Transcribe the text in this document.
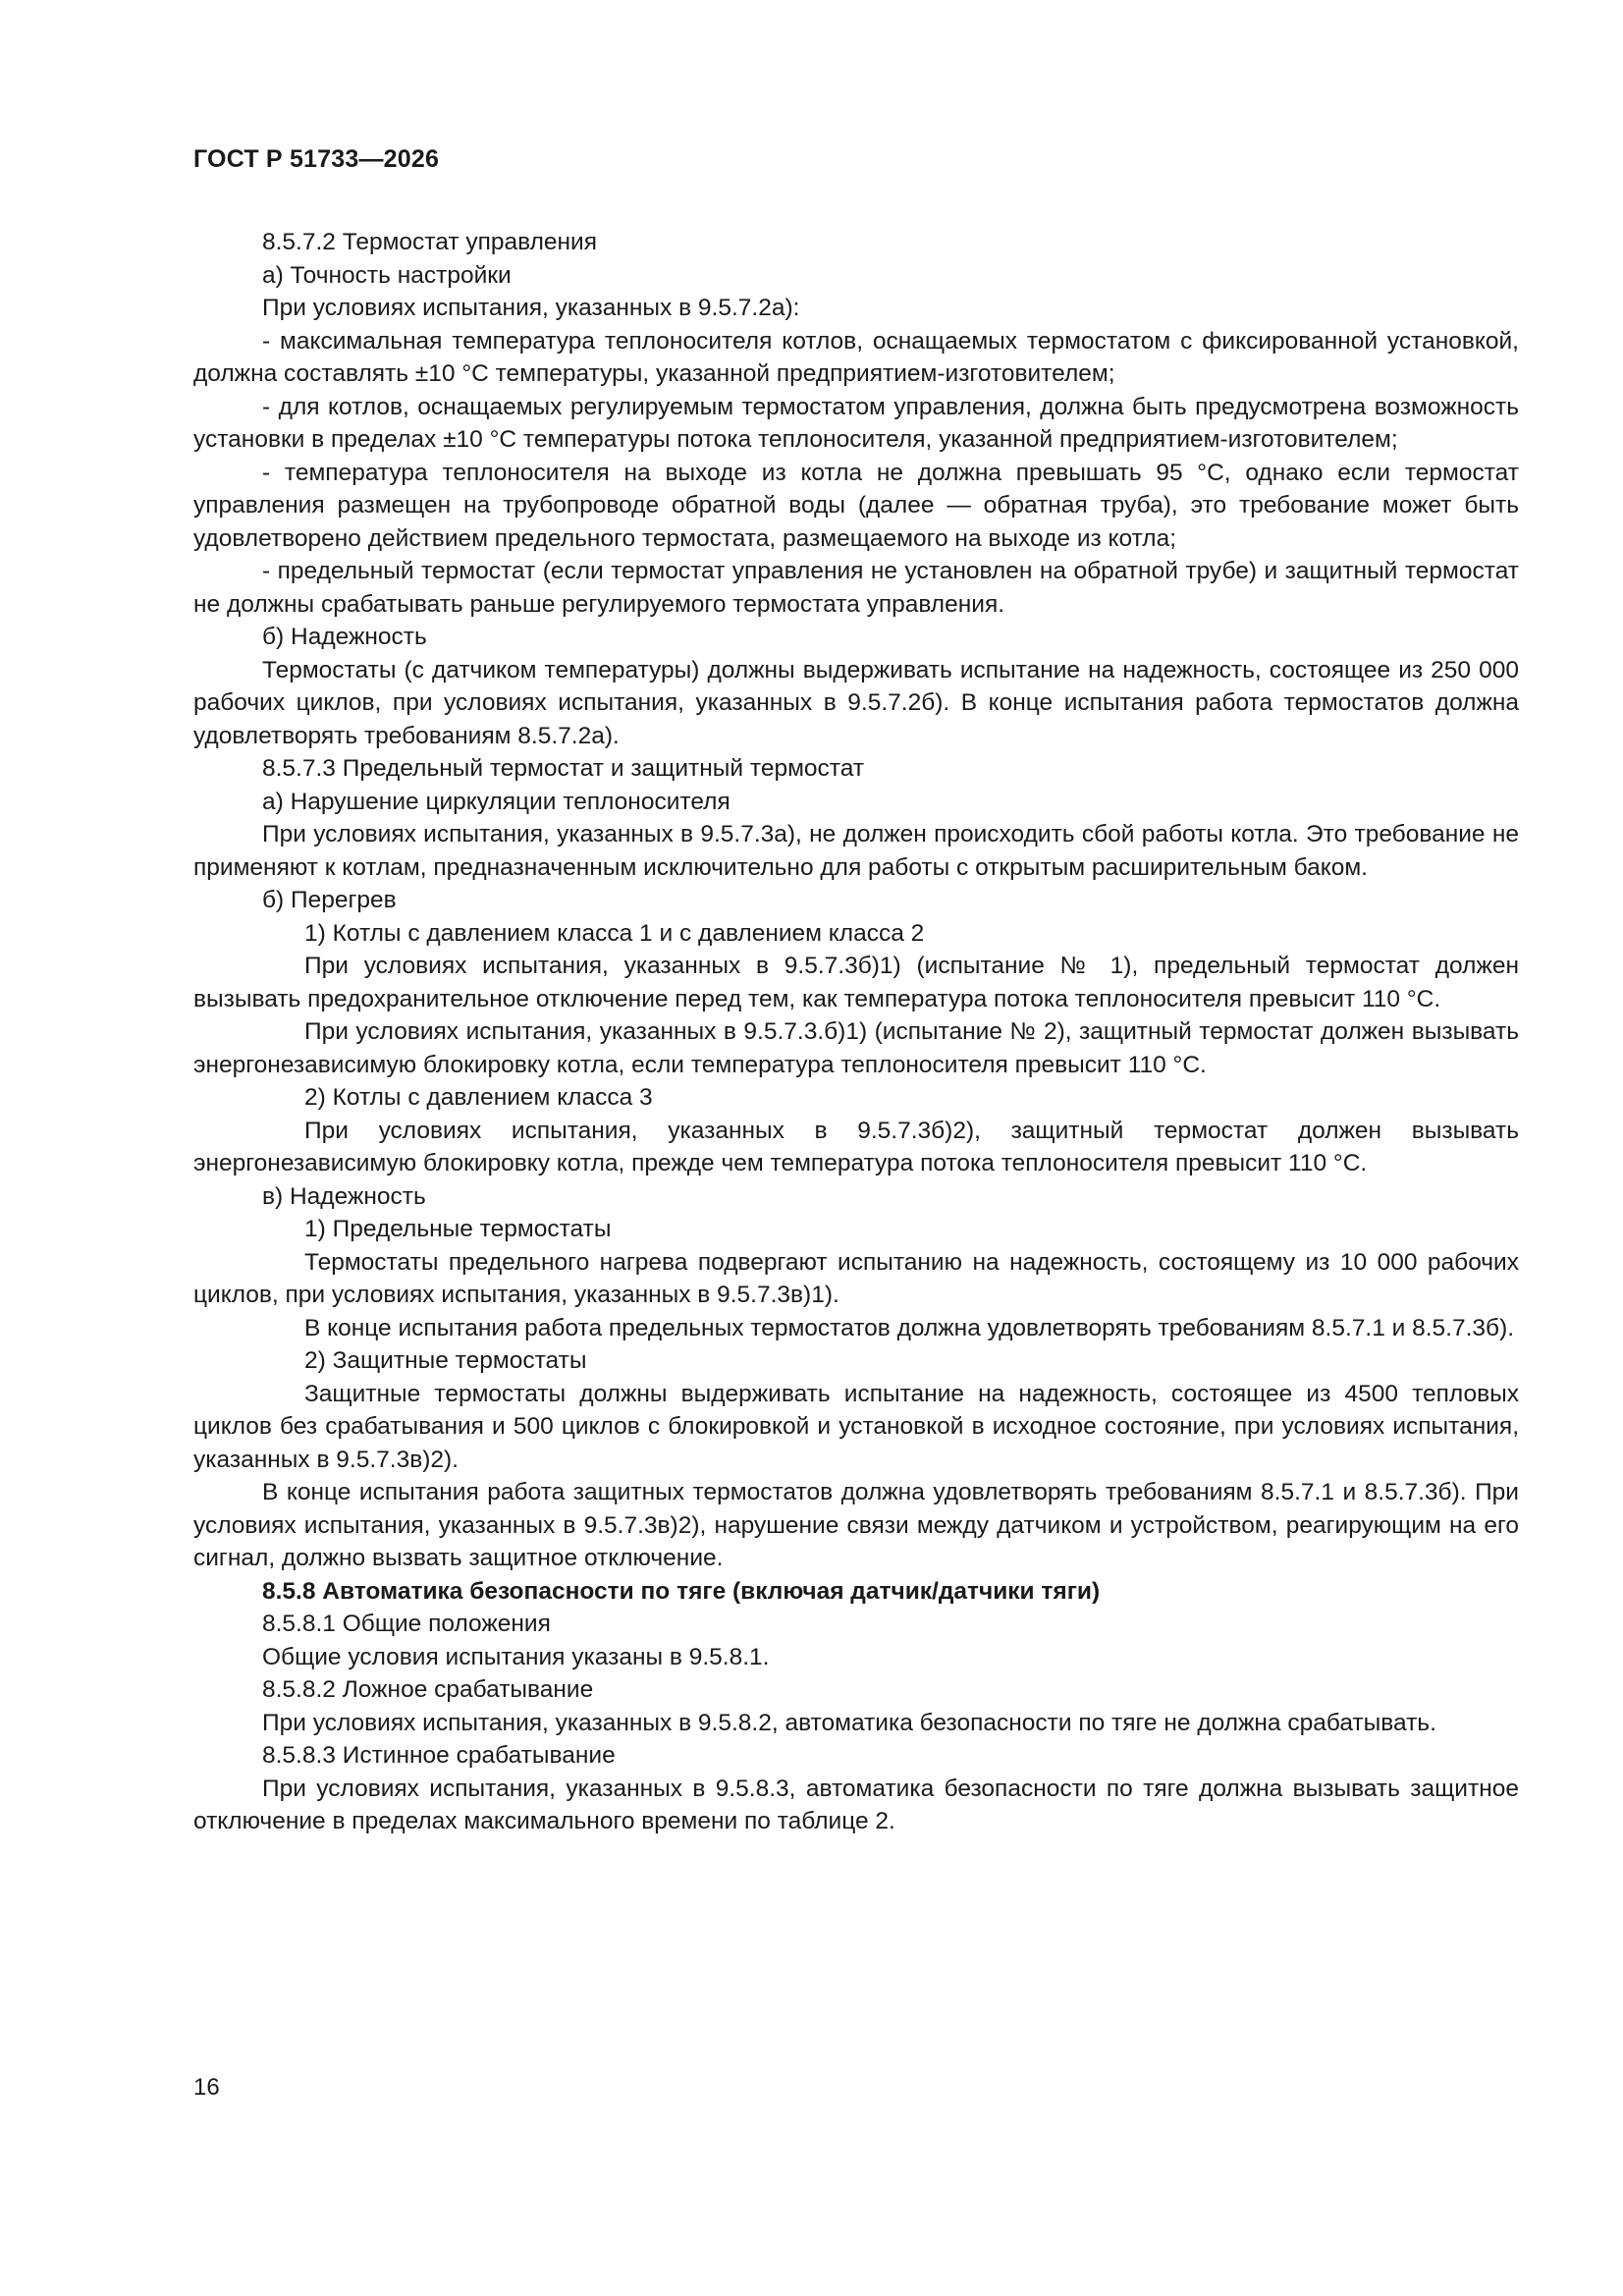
ГОСТ Р 51733—2026

8.5.7.2 Термостат управления

а) Точность настройки

При условиях испытания, указанных в 9.5.7.2а):

- максимальная температура теплоносителя котлов, оснащаемых термостатом с фиксированной установкой, должна составлять ±10 °С температуры, указанной предприятием-изготовителем;

- для котлов, оснащаемых регулируемым термостатом управления, должна быть предусмотрена возможность установки в пределах ±10 °С температуры потока теплоносителя, указанной предприятием-изготовителем;

- температура теплоносителя на выходе из котла не должна превышать 95 °С, однако если термостат управления размещен на трубопроводе обратной воды (далее — обратная труба), это требование может быть удовлетворено действием предельного термостата, размещаемого на выходе из котла;

- предельный термостат (если термостат управления не установлен на обратной трубе) и защитный термостат не должны срабатывать раньше регулируемого термостата управления.

б) Надежность

Термостаты (с датчиком температуры) должны выдерживать испытание на надежность, состоящее из 250 000 рабочих циклов, при условиях испытания, указанных в 9.5.7.2б). В конце испытания работа термостатов должна удовлетворять требованиям 8.5.7.2а).

8.5.7.3 Предельный термостат и защитный термостат

а) Нарушение циркуляции теплоносителя

При условиях испытания, указанных в 9.5.7.3а), не должен происходить сбой работы котла. Это требование не применяют к котлам, предназначенным исключительно для работы с открытым расширительным баком.

б) Перегрев

1) Котлы с давлением класса 1 и с давлением класса 2

При условиях испытания, указанных в 9.5.7.3б)1) (испытание № 1), предельный термостат должен вызывать предохранительное отключение перед тем, как температура потока теплоносителя превысит 110 °С.

При условиях испытания, указанных в 9.5.7.3.б)1) (испытание № 2), защитный термостат должен вызывать энергонезависимую блокировку котла, если температура теплоносителя превысит 110 °С.

2) Котлы с давлением класса 3

При условиях испытания, указанных в 9.5.7.3б)2), защитный термостат должен вызывать энергонезависимую блокировку котла, прежде чем температура потока теплоносителя превысит 110 °С.

в) Надежность

1) Предельные термостаты

Термостаты предельного нагрева подвергают испытанию на надежность, состоящему из 10 000 рабочих циклов, при условиях испытания, указанных в 9.5.7.3в)1).

В конце испытания работа предельных термостатов должна удовлетворять требованиям 8.5.7.1 и 8.5.7.3б).

2) Защитные термостаты

Защитные термостаты должны выдерживать испытание на надежность, состоящее из 4500 тепловых циклов без срабатывания и 500 циклов с блокировкой и установкой в исходное состояние, при условиях испытания, указанных в 9.5.7.3в)2).

В конце испытания работа защитных термостатов должна удовлетворять требованиям 8.5.7.1 и 8.5.7.3б). При условиях испытания, указанных в 9.5.7.3в)2), нарушение связи между датчиком и устройством, реагирующим на его сигнал, должно вызвать защитное отключение.

8.5.8 Автоматика безопасности по тяге (включая датчик/датчики тяги)

8.5.8.1 Общие положения

Общие условия испытания указаны в 9.5.8.1.

8.5.8.2 Ложное срабатывание

При условиях испытания, указанных в 9.5.8.2, автоматика безопасности по тяге не должна срабатывать.

8.5.8.3 Истинное срабатывание

При условиях испытания, указанных в 9.5.8.3, автоматика безопасности по тяге должна вызывать защитное отключение в пределах максимального времени по таблице 2.

16
